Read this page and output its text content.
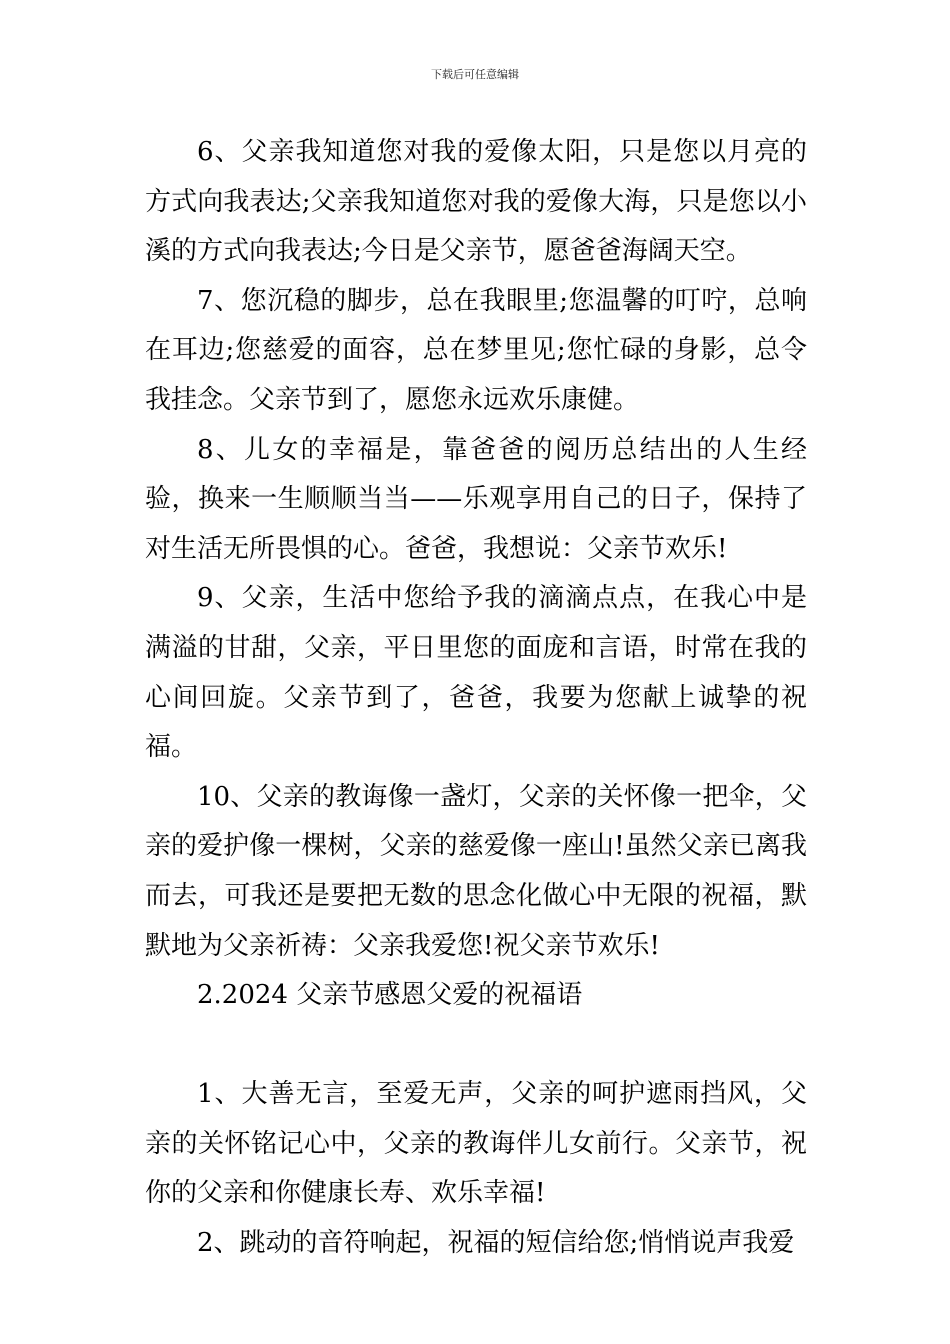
下载后可任意编辑

6、父亲我知道您对我的爱像太阳，只是您以月亮的方式向我表达;父亲我知道您对我的爱像大海，只是您以小溪的方式向我表达;今日是父亲节，愿爸爸海阔天空。

7、您沉稳的脚步，总在我眼里;您温馨的叮咛，总响在耳边;您慈爱的面容，总在梦里见;您忙碌的身影，总令我挂念。父亲节到了，愿您永远欢乐康健。

8、儿女的幸福是，靠爸爸的阅历总结出的人生经验，换来一生顺顺当当——乐观享用自己的日子，保持了对生活无所畏惧的心。爸爸，我想说：父亲节欢乐!

9、父亲，生活中您给予我的滴滴点点，在我心中是满溢的甘甜，父亲，平日里您的面庞和言语，时常在我的心间回旋。父亲节到了，爸爸，我要为您献上诚挚的祝福。

10、父亲的教诲像一盏灯，父亲的关怀像一把伞，父亲的爱护像一棵树，父亲的慈爱像一座山!虽然父亲已离我而去，可我还是要把无数的思念化做心中无限的祝福，默默地为父亲祈祷：父亲我爱您!祝父亲节欢乐!

2.2024 父亲节感恩父爱的祝福语

1、大善无言，至爱无声，父亲的呵护遮雨挡风，父亲的关怀铭记心中，父亲的教诲伴儿女前行。父亲节，祝你的父亲和你健康长寿、欢乐幸福!

2、跳动的音符响起，祝福的短信给您;悄悄说声我爱
